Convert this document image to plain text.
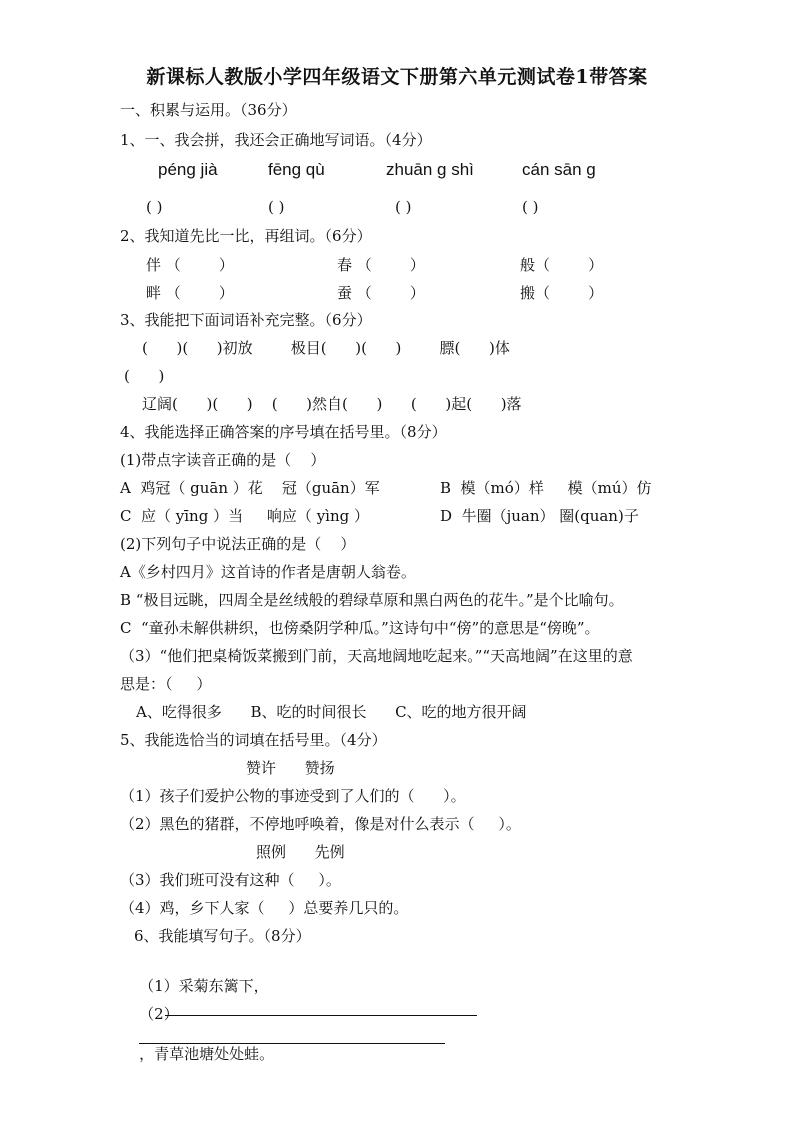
新课标人教版小学四年级语文下册第六单元测试卷1带答案
一、积累与运用。（36分）
1、一、我会拼，我还会正确地写词语。（4分）
péng jià	fēng qù	zhuān g shì	cán sān g
( )	( )	( )	( )
2、我知道先比一比，再组词。（6分）
伴 （        ）	春 （        ）	般（        ）
畔 （        ）	蚕 （        ）	搬（        ）
3、我能把下面词语补充完整。（6分）
(      )(      )初放        极目(      )(      )        膘(      )体
(      )
辽阔(      )(      )    (      )然自(      )      (      )起(      )落
4、我能选择正确答案的序号填在括号里。（8分）
(1)带点字读音正确的是（    ）
A  鸡冠（ guān ）花    冠（guān）军	B  模（mó）样     模（mú）仿
C  应（ yīng ）当     响应（ yìng ）	D  牛圈（juan） 圈(quan)子
(2)下列句子中说法正确的是（    ）
A《乡村四月》这首诗的作者是唐朝人翁卷。
B “极目远眺，四周全是丝绒般的碧绿草原和黑白两色的花牛。”是个比喻句。
C  “童孙未解供耕织，也傍桑阴学种瓜。”这诗句中“傍”的意思是“傍晚”。
（3）“他们把桌椅饭菜搬到门前，天高地阔地吃起来。”“天高地阔”在这里的意
思是：（     ）
A、吃得很多      B、吃的时间很长      C、吃的地方很开阔
5、我能选恰当的词填在括号里。（4分）
赞许      赞扬
（1）孩子们爱护公物的事迹受到了人们的（      ）。
（2）黑色的猪群，不停地呼唤着，像是对什么表示（     ）。
照例      先例
（3）我们班可没有这种（     ）。
（4）鸡，乡下人家（     ）总要养几只的。
6、我能填写句子。（8分）

（1）采菊东篱下，

（2）

，青草池塘处处蛙。
